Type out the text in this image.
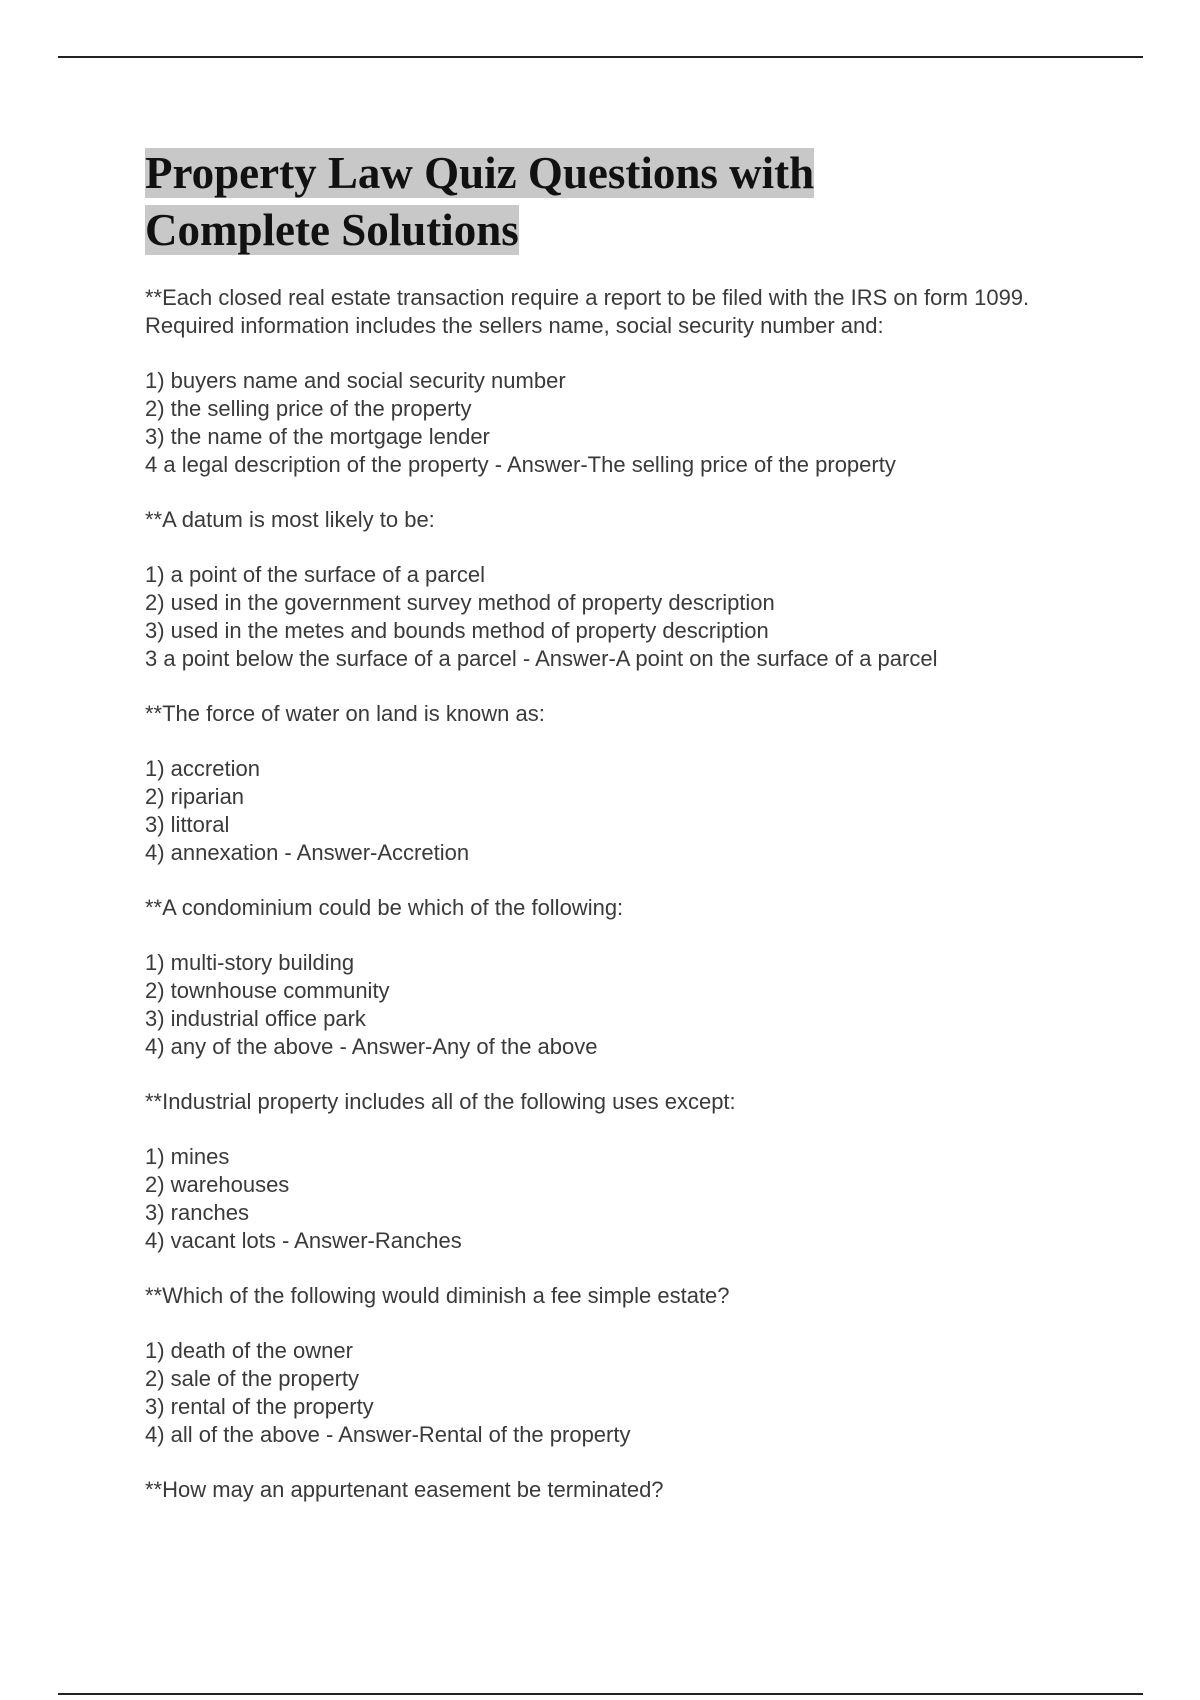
Property Law Quiz Questions with
Complete Solutions

**Each closed real estate transaction require a report to be filed with the IRS on form 1099. Required information includes the sellers name, social security number and:

1) buyers name and social security number

2) the selling price of the property

3) the name of the mortgage lender

4 a legal description of the property - Answer-The selling price of the property

**A datum is most likely to be:

1) a point of the surface of a parcel

2) used in the government survey method of property description

3) used in the metes and bounds method of property description

3 a point below the surface of a parcel - Answer-A point on the surface of a parcel

**The force of water on land is known as:

1) accretion

2) riparian

3) littoral

4) annexation - Answer-Accretion

**A condominium could be which of the following:

1) multi-story building

2) townhouse community

3) industrial office park

4) any of the above - Answer-Any of the above

**Industrial property includes all of the following uses except:

1) mines

2) warehouses

3) ranches

4) vacant lots - Answer-Ranches

**Which of the following would diminish a fee simple estate?

1) death of the owner

2) sale of the property

3) rental of the property

4) all of the above - Answer-Rental of the property

**How may an appurtenant easement be terminated?
